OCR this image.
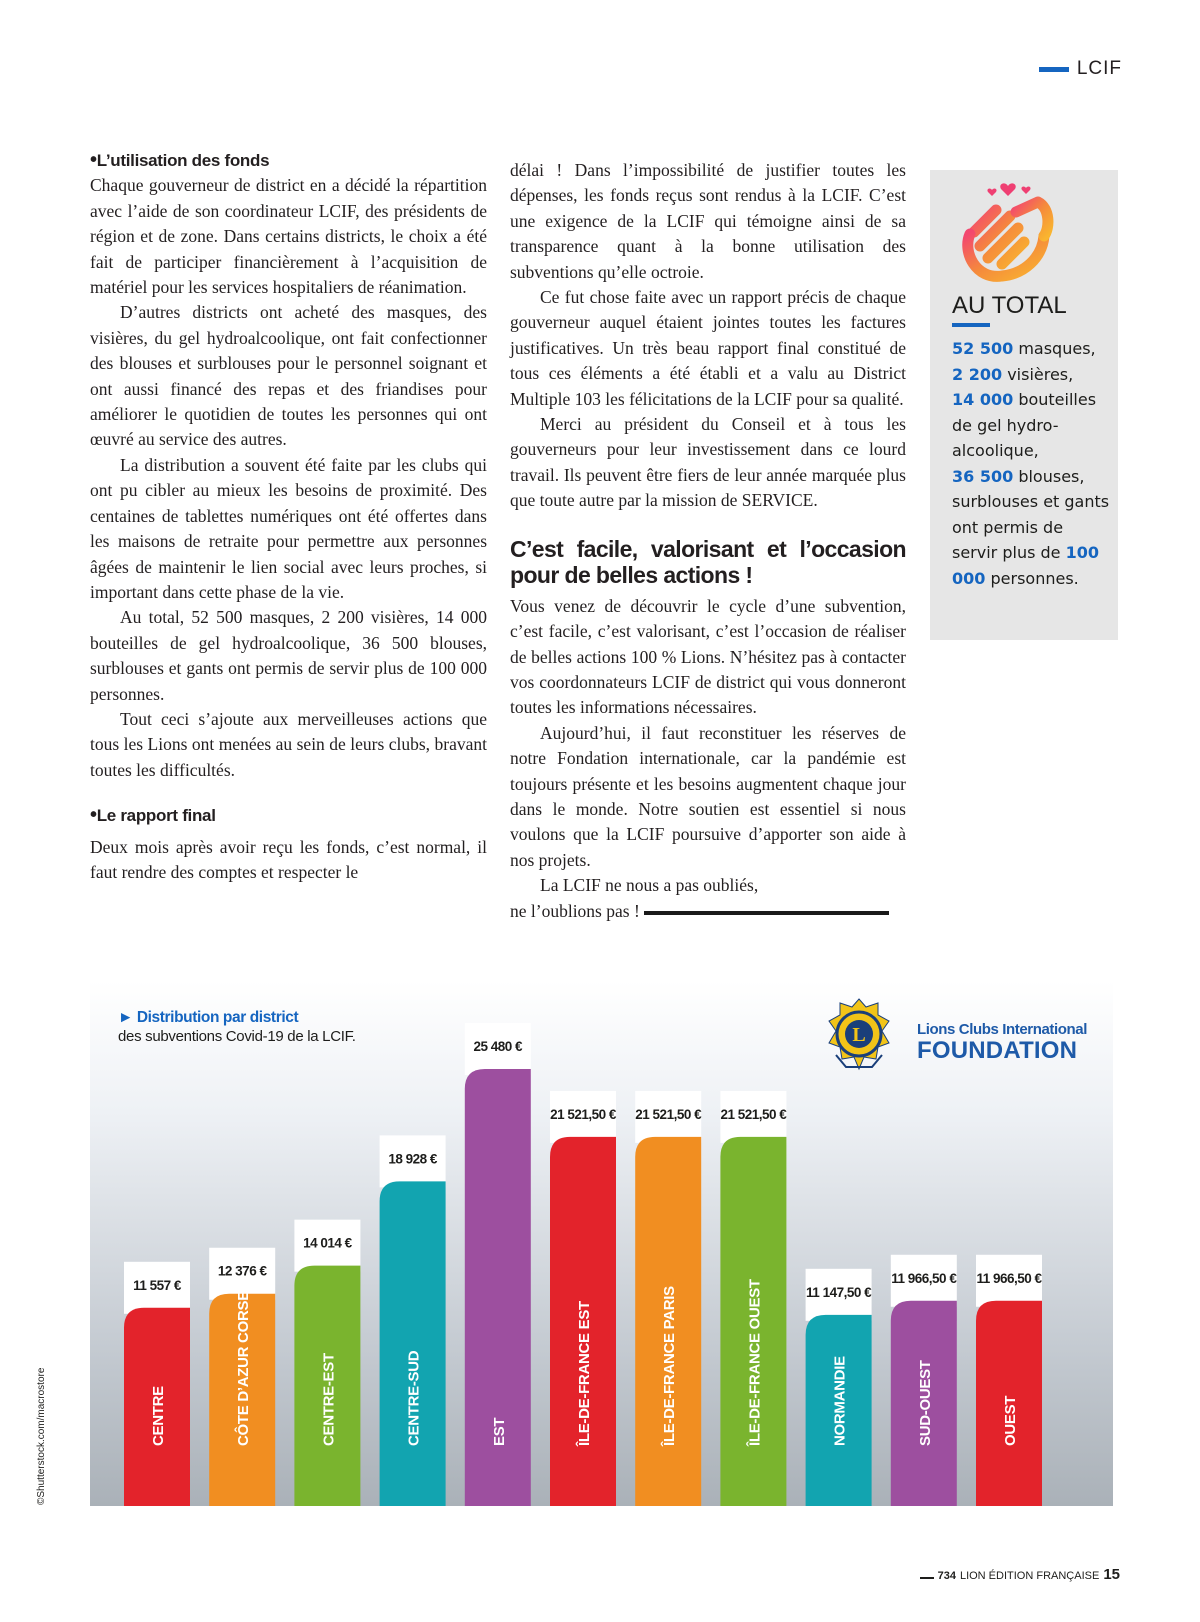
LCIF

•L’utilisation des fonds

Chaque gouverneur de district en a décidé la répartition avec l’aide de son coordinateur LCIF, des présidents de région et de zone. Dans certains districts, le choix a été fait de participer financièrement à l’acquisition de matériel pour les services hospitaliers de réanimation.

D’autres districts ont acheté des masques, des visières, du gel hydroalcoolique, ont fait confectionner des blouses et surblouses pour le personnel soignant et ont aussi financé des repas et des friandises pour améliorer le quotidien de toutes les personnes qui ont œuvré au service des autres.

La distribution a souvent été faite par les clubs qui ont pu cibler au mieux les besoins de proximité. Des centaines de tablettes numériques ont été offertes dans les maisons de retraite pour permettre aux personnes âgées de maintenir le lien social avec leurs proches, si important dans cette phase de la vie.

Au total, 52 500 masques, 2 200 visières, 14 000 bouteilles de gel hydroalcoolique, 36 500 blouses, surblouses et gants ont permis de servir plus de 100 000 personnes.

Tout ceci s’ajoute aux merveilleuses actions que tous les Lions ont menées au sein de leurs clubs, bravant toutes les difficultés.

•Le rapport final

Deux mois après avoir reçu les fonds, c’est normal, il faut rendre des comptes et respecter le

délai ! Dans l’impossibilité de justifier toutes les dépenses, les fonds reçus sont rendus à la LCIF. C’est une exigence de la LCIF qui témoigne ainsi de sa transparence quant à la bonne utilisation des subventions qu’elle octroie.

Ce fut chose faite avec un rapport précis de chaque gouverneur auquel étaient jointes toutes les factures justificatives. Un très beau rapport final constitué de tous ces éléments a été établi et a valu au District Multiple 103 les félicitations de la LCIF pour sa qualité.

Merci au président du Conseil et à tous les gouverneurs pour leur investissement dans ce lourd travail. Ils peuvent être fiers de leur année marquée plus que toute autre par la mission de SERVICE.

C’est facile, valorisant et l’occasion pour de belles actions !

Vous venez de découvrir le cycle d’une subvention, c’est facile, c’est valorisant, c’est l’occasion de réaliser de belles actions 100 % Lions. N’hésitez pas à contacter vos coordonnateurs LCIF de district qui vous donneront toutes les informations nécessaires.

Aujourd’hui, il faut reconstituer les réserves de notre Fondation internationale, car la pandémie est toujours présente et les besoins augmentent chaque jour dans le monde. Notre soutien est essentiel si nous voulons que la LCIF poursuive d’apporter son aide à nos projets.

La LCIF ne nous a pas oubliés,

ne l’oublions pas !

AU TOTAL
52 500 masques,
2 200 visières,
14 000 bouteilles de gel hydro-alcoolique,
36 500 blouses, surblouses et gants ont permis de servir plus de 100 000 personnes.
► Distribution par district
des subventions Covid-19 de la LCIF.	L	Lions Clubs International
FOUNDATION
11 557 €
CENTRE
12 376 €
CÔTE D’AZUR CORSE
14 014 €
CENTRE-EST
18 928 €
CENTRE-SUD
25 480 €
EST
21 521,50 €
ÎLE-DE-FRANCE EST
21 521,50 €
ÎLE-DE-FRANCE PARIS
21 521,50 €
ÎLE-DE-FRANCE OUEST	11 147,50 €
NORMANDIE
11 966,50 €
SUD-OUEST
11 966,50 €
OUEST
©Shutterstock.com/macrostore
734 LION ÉDITION FRANÇAISE 15
